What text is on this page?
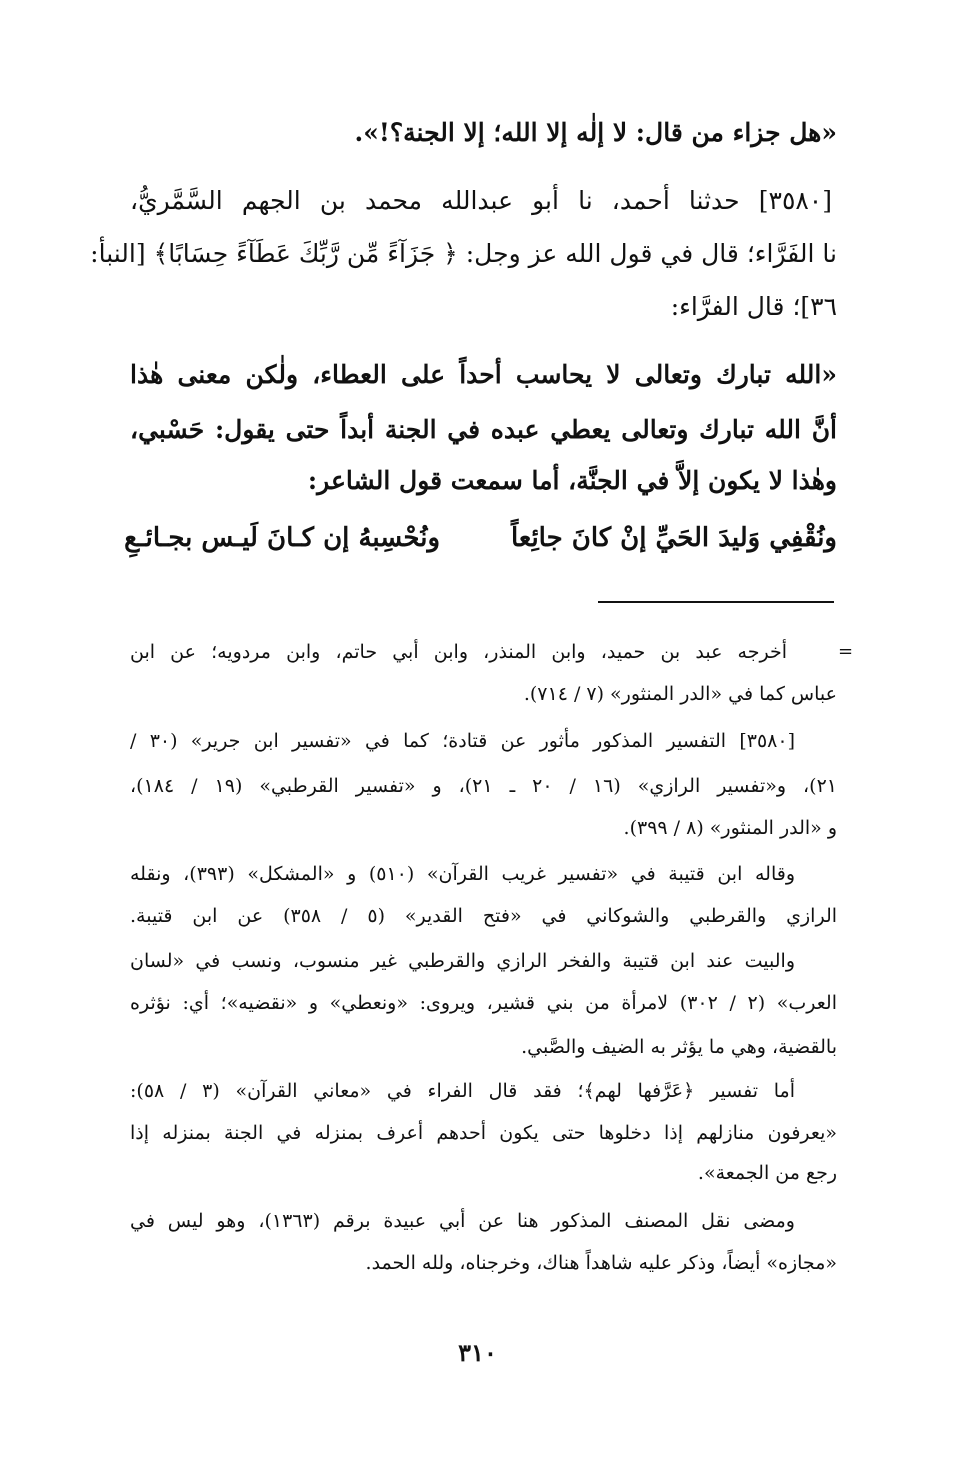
«هل جزاء من قال: لا إلٰه إلا الله؛ إلا الجنة؟!».
[٣٥٨٠] حدثنا أحمد، نا أبو عبدالله محمد بن الجهم السَّمَّريُّ،
نا الفَرَّاء؛ قال في قول الله عز وجل: ﴿ جَزَآءً مِّن رَّبِّكَ عَطَآءً حِسَابًا﴾ [النبأ:
٣٦]؛ قال الفرَّاء:
«الله تبارك وتعالى لا يحاسب أحداً على العطاء، ولٰكن معنى هٰذا
أنَّ الله تبارك وتعالى يعطي عبده في الجنة أبداً حتى يقول: حَسْبي،
وهٰذا لا يكون إلاَّ في الجنَّة، أما سمعت قول الشاعر:
ونُقْفِي وَليدَ الحَيِّ إنْ كانَ جائِعاً
ونُحْسِبهُ إن كـانَ لَيـس بجـائـعِ
=
أخرجه عبد بن حميد، وابن المنذر، وابن أبي حاتم، وابن مردويه؛ عن ابن
عباس كما في «الدر المنثور» (٧ / ٧١٤).
[٣٥٨٠] التفسير المذكور مأثور عن قتادة؛ كما في «تفسير ابن جرير» (٣٠ /
٢١)، و«تفسير الرازي» (١٦ / ٢٠ ـ ٢١)، و «تفسير القرطبي» (١٩ / ١٨٤)،
و «الدر المنثور» (٨ / ٣٩٩).
وقاله ابن قتيبة في «تفسير غريب القرآن» (٥١٠) و «المشكل» (٣٩٣)، ونقله
الرازي والقرطبي والشوكاني في «فتح القدير» (٥ / ٣٥٨) عن ابن قتيبة.
والبيت عند ابن قتيبة والفخر الرازي والقرطبي غير منسوب، ونسب في «لسان
العرب» (٢ / ٣٠٢) لامرأة من بني قشير، ويروى: «ونعطي» و «نقضيه»؛ أي: نؤثره
بالقضية، وهي ما يؤثر به الضيف والصَّبي.
أما تفسير ﴿عَرَّفها لهم﴾؛ فقد قال الفراء في «معاني القرآن» (٣ / ٥٨):
«يعرفون منازلهم إذا دخلوها حتى يكون أحدهم أعرف بمنزله في الجنة بمنزله إذا
رجع من الجمعة».
ومضى نقل المصنف المذكور هنا عن أبي عبيدة برقم (١٣٦٣)، وهو ليس في
«مجازه» أيضاً، وذكر عليه شاهداً هناك، وخرجناه، ولله الحمد.
٣١٠
